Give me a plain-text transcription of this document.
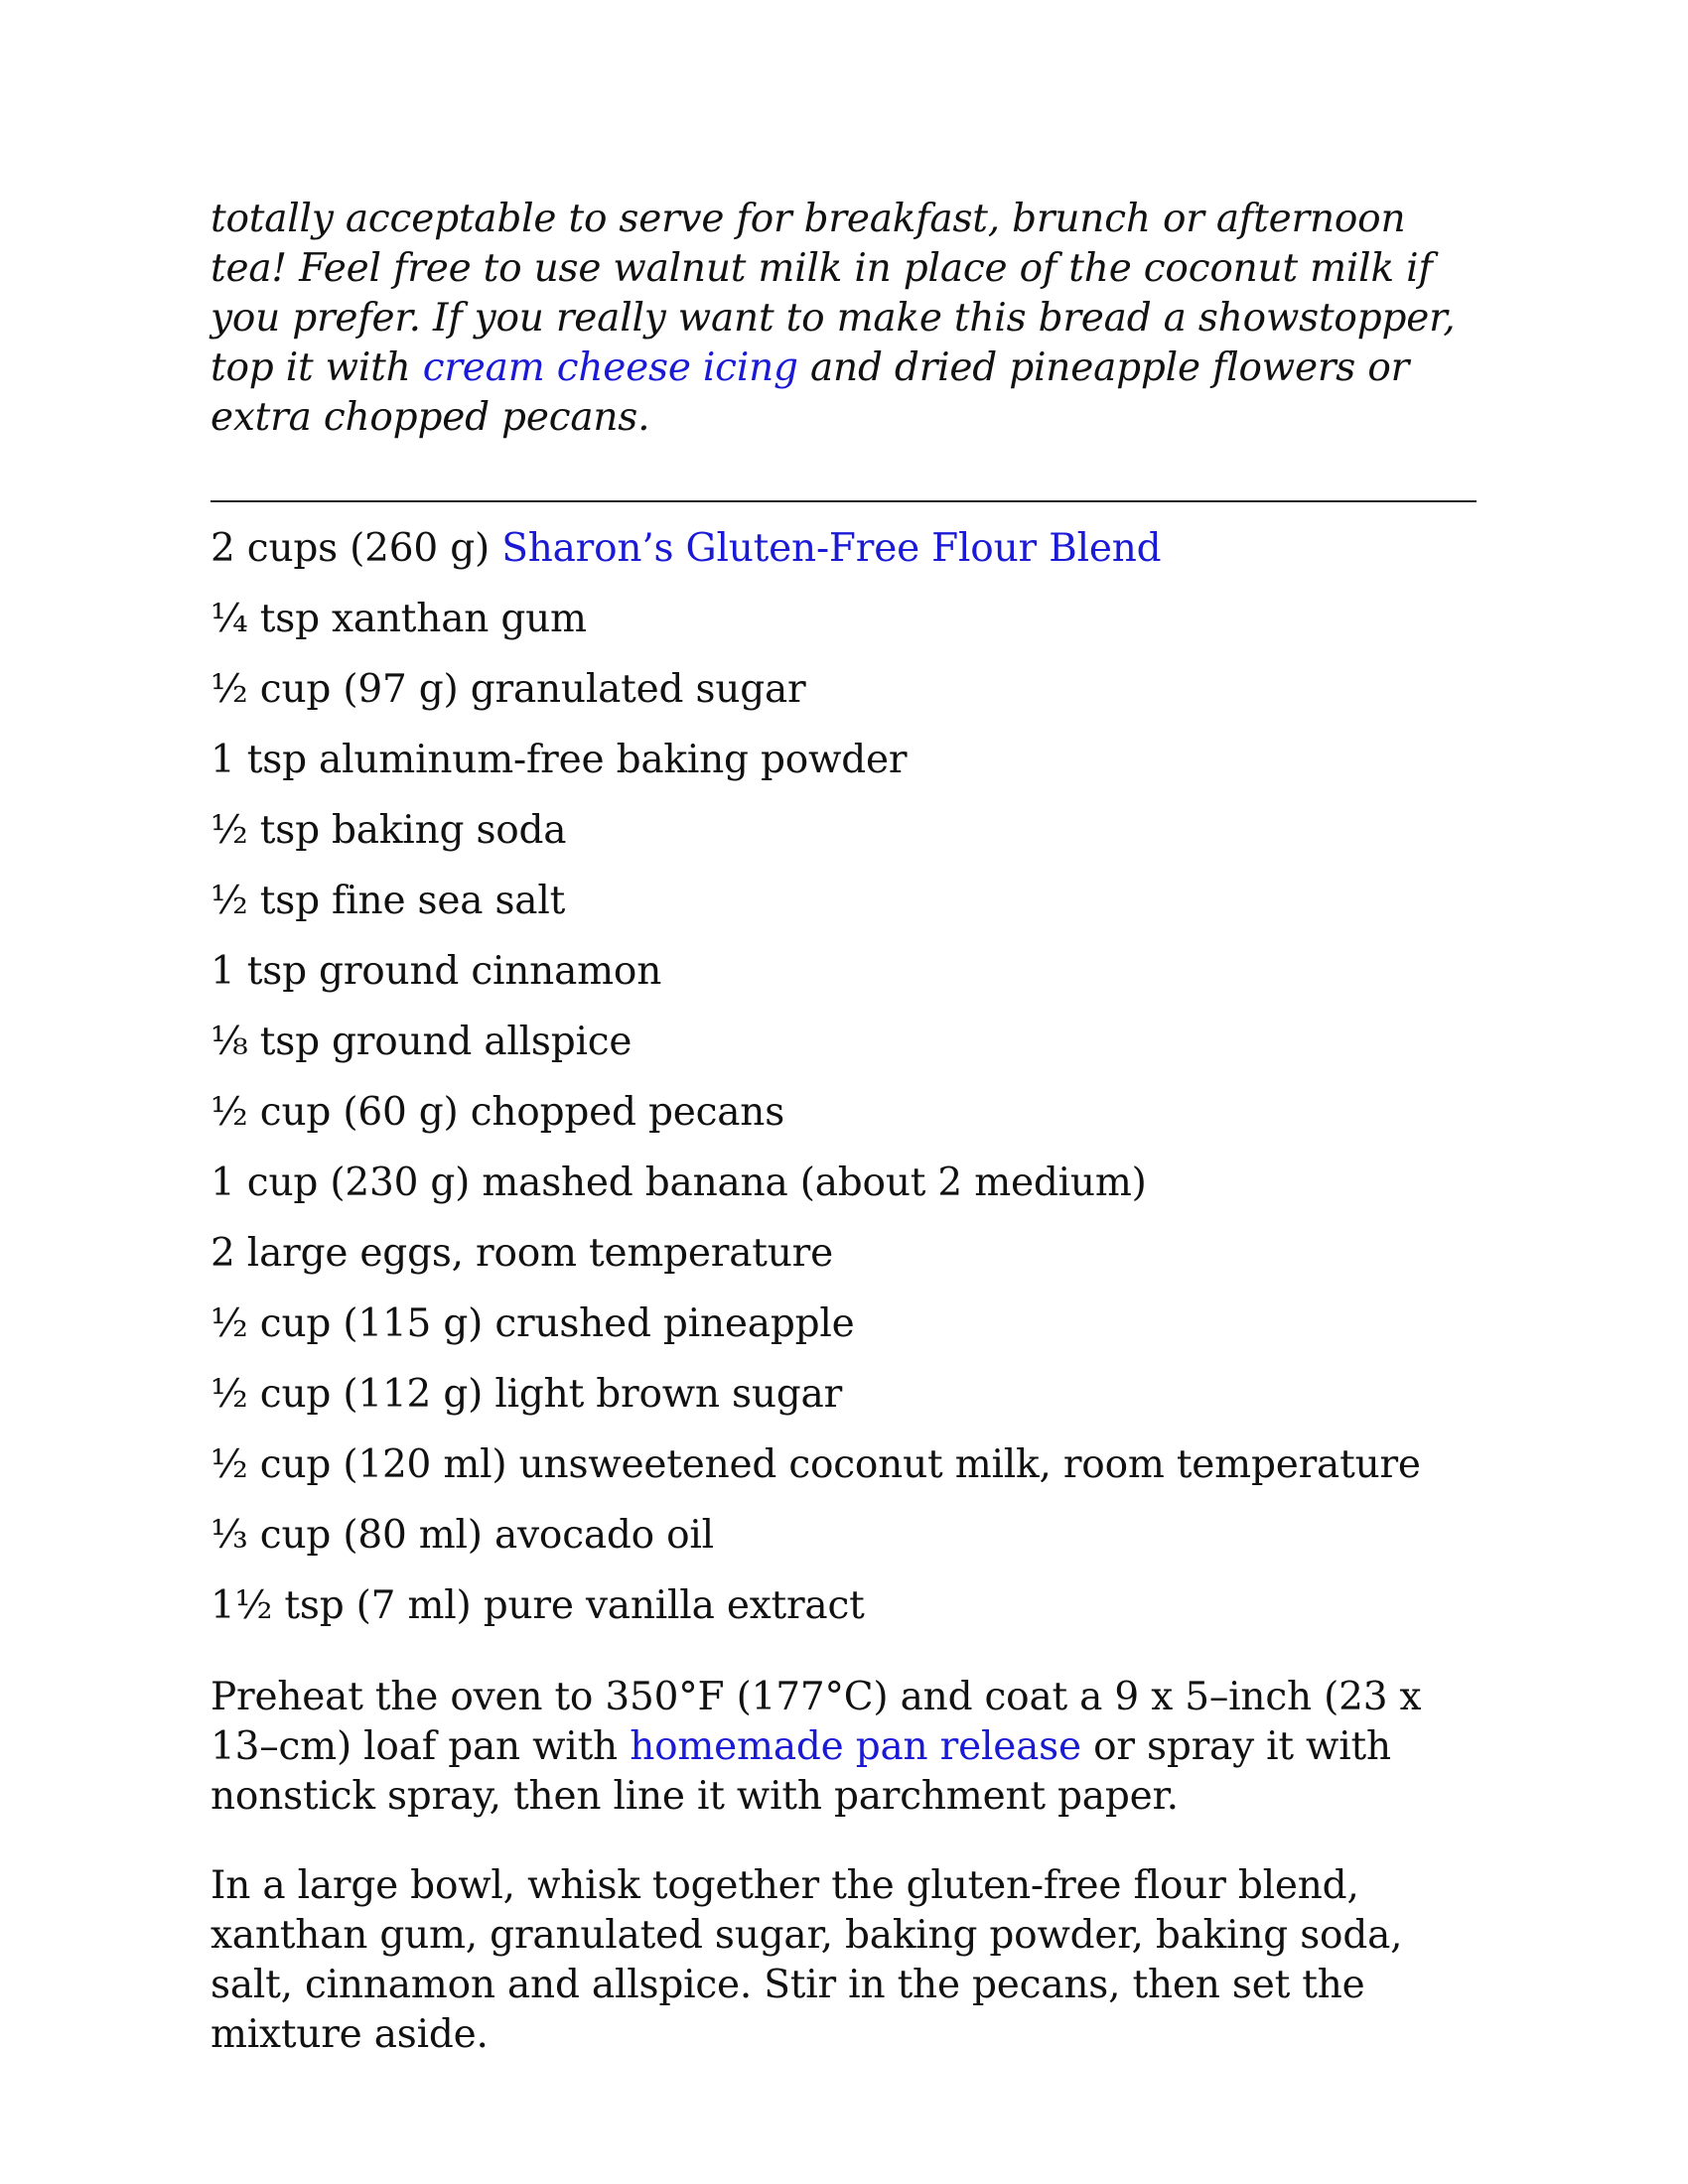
totally acceptable to serve for breakfast, brunch or afternoon tea! Feel free to use walnut milk in place of the coconut milk if you prefer. If you really want to make this bread a showstopper, top it with cream cheese icing and dried pineapple flowers or extra chopped pecans.

2 cups (260 g) Sharon’s Gluten-Free Flour Blend
¼ tsp xanthan gum
½ cup (97 g) granulated sugar
1 tsp aluminum-free baking powder
½ tsp baking soda
½ tsp fine sea salt
1 tsp ground cinnamon
⅛ tsp ground allspice
½ cup (60 g) chopped pecans
1 cup (230 g) mashed banana (about 2 medium)
2 large eggs, room temperature
½ cup (115 g) crushed pineapple
½ cup (112 g) light brown sugar
½ cup (120 ml) unsweetened coconut milk, room temperature
⅓ cup (80 ml) avocado oil
1½ tsp (7 ml) pure vanilla extract

Preheat the oven to 350°F (177°C) and coat a 9 x 5–inch (23 x 13–cm) loaf pan with homemade pan release or spray it with nonstick spray, then line it with parchment paper.

In a large bowl, whisk together the gluten-free flour blend, xanthan gum, granulated sugar, baking powder, baking soda, salt, cinnamon and allspice. Stir in the pecans, then set the mixture aside.
